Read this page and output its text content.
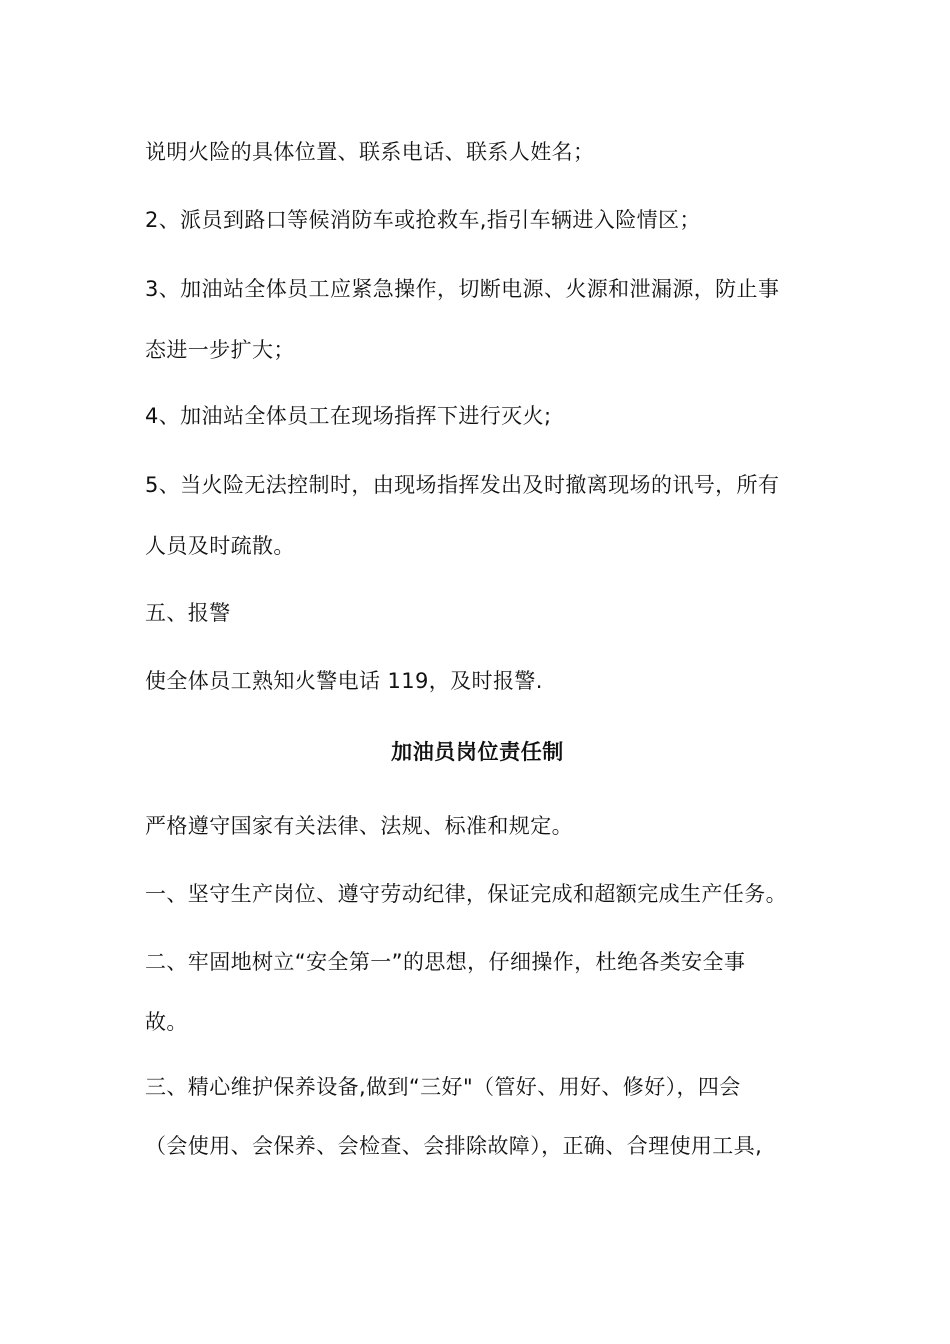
说明火险的具体位置、联系电话、联系人姓名；
2、派员到路口等候消防车或抢救车,指引车辆进入险情区；
3、加油站全体员工应紧急操作，切断电源、火源和泄漏源，防止事
态进一步扩大；
4、加油站全体员工在现场指挥下进行灭火;
5、当火险无法控制时，由现场指挥发出及时撤离现场的讯号，所有
人员及时疏散。
五、报警
使全体员工熟知火警电话 119，及时报警.
加油员岗位责任制
严格遵守国家有关法律、法规、标准和规定。
一、坚守生产岗位、遵守劳动纪律，保证完成和超额完成生产任务。
二、牢固地树立“安全第一”的思想，仔细操作，杜绝各类安全事
故。
三、精心维护保养设备,做到“三好"（管好、用好、修好），四会
（会使用、会保养、会检查、会排除故障），正确、合理使用工具,
